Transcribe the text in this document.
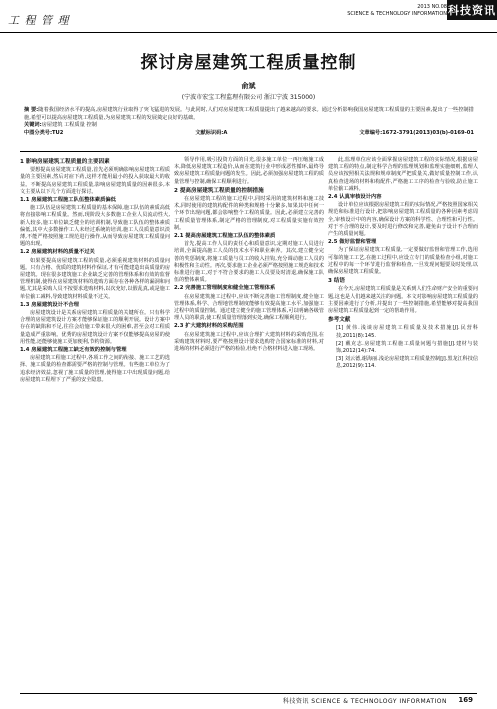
工 程 管 理
2013 NO.08
SCIENCE & TECHNOLOGY INFORMATION 科技资讯
探讨房屋建筑工程质量控制
俞斌
(宁波市宏宝工程监理有限公司 浙江宁波 315000)
摘 要:随着我国经济水平的提高,房屋建筑行业取得了突飞猛进的发展。与此同时,人们对房屋建筑工程质量提出了越来越高的要求。通过分析影响我国房屋建筑工程质量的主要因素,提出了一些控制措施,希望可以提高房屋建筑工程质量,为房屋建筑工程的发展奠定良好的基础。
关键词:房屋建筑 工程质量 控制
中图分类号:TU2	文献标识码:A	文章编号:1672-3791(2013)03(b)-0169-01
1 影响房屋建筑工程质量的主要因素

要想提高房屋建筑工程质量,首先必须明确影响房屋建筑工程质量的主要因素,然后对症下药,这样才能用最小的投入获取最大的收益。不断提高房屋建筑工程质量,影响房屋建筑质量的因素很多,本文主要从以下几个方面进行探讨。

1.1 房屋建筑工程施工队伍整体素质偏低

施工队伍是房屋建筑工程质量的基本保障,施工队伍的素质高低将直接影响工程质量。然而,现阶段大多数施工企业人员流动性大,新人较多,施工单位缺乏健全的培训机制,导致施工队伍的整体素质偏低,其中大多数操作工人未经过系统的培训,施工人员质量意识淡薄,不能严格按照施工规范进行操作,从而导致房屋建筑工程质量问题的出现。

1.2 房屋建筑材料的质量不过关

如果要提高房屋建筑工程的质量,必须重视建筑材料的质量问题。只有合格、优质的建筑材料作保证,才有可能建造出高质量的房屋建筑。现在很多建筑施工企业缺乏完善的管理体系和有效的监督管理机制,使得在房屋建筑材料的选购方面存在各种各样的漏洞和问题,尤其是采购人员不按要求选购材料,以次充好,以假乱真,或是施工单位偷工减料,导致建筑材料质量不过关。

1.3 房屋建筑设计不合理

房屋建筑设计是关系房屋建筑工程质量的关键所在。只有科学合理的房屋建筑设计方案才能够保证施工的顺利开展。设计方案中存在的缺陷和不足,往往会给施工带来很大的困难,甚至会对工程质量造成严重影响。优秀的房屋建筑设计方案不仅能够提高房屋的使用性能,还能够使施工更加便利,节约资源。

1.4 房屋建筑工程施工缺乏有效的控制与管理

房屋建筑工程施工过程中,各项工作之间的衔接、施工工艺的选择、施工质量的检查都需要严格的控制与管理。有些施工单位为了追求经济效益,忽视了施工质量的管理,使得施工中出现质量问题,给房屋建筑工程埋下了严重的安全隐患。

领导作用,吸引投资方面的目光,很多施工单位一再压缩施工成本,降低房屋建筑工程造价,从而在建筑行业中形成恶性循环,最终导致房屋建筑工程质量问题的发生。因此,必须加强房屋建筑工程的质量管理与控制,确保工程顺利进行。

2 提高房屋建筑工程质量的控制措施

在房屋建筑工程的施工过程中,同时采用的建筑材料和施工技术,同时使用的建筑构配件的种类和规格十分繁多,如果其中任何一个环节出现问题,都会影响整个工程的质量。因此,必须建立完善的工程质量管理体系,制定严格的管理制度,对工程质量实施有效控制。

2.1 提高房屋建筑工程施工队伍的整体素质

首先,提高工作人员的责任心和质量意识,定期对施工人员进行培训,全面提高施工人员的技术水平和职业素养。其次,建立健全完善的奖惩制度,将施工质量与员工的收入挂钩,充分调动施工人员的积极性和主动性。再次,要求施工企业必须严格按照施工规范和技术标准进行施工,对于不符合要求的施工人员要及时清退,确保施工队伍的整体素质。

2.2 完善施工管理制度和健全施工管理体系

在房屋建筑施工过程中,应该不断完善施工管理制度,健全施工管理体系,科学、合理地管理制度能够有效提高施工水平,加强施工过程中的质量控制。通过建立健全的施工管理体系,可以明确各级管理人员的职责,使工程质量管理落到实处,确保工程顺利进行。

2.3 扩大建筑材料的采购范围

在房屋建筑施工过程中,应该合理扩大建筑材料的采购范围,在采购建筑材料时,要严格按照设计要求选购符合国家标准的材料,对进场的材料必须进行严格的检验,杜绝不合格材料进入施工现场。

此,监理单位应该全面掌握房屋建筑工程的实际情况,根据房屋建筑工程的特点,制定科学合理的监理规划和监理实施细则,监理人员应该按照相关法规和规章制度严把质量关,做好质量控制工作,认真检查进场的材料和构配件,严格施工工序的检查与验收,防止施工单位偷工减料。

2.4 认真审核设计内容

设计单位应该根据房屋建筑工程的实际情况,严格按照国家相关规范和标准进行设计,把影响房屋建筑工程质量的各种因素考虑周全,审核设计中的内容,确保设计方案的科学性、合理性和可行性。对于不合理的设计,要及时进行修改和完善,避免由于设计不合理而产生的质量问题。

2.5 做好监督和管理

为了保证房屋建筑工程质量,一定要做好监督和管理工作,选用可靠的施工工艺,在施工过程中,应设立专门的质量检查小组,对施工过程中的每一个环节进行监督和检查,一旦发现问题要及时处理,以确保房屋建筑工程质量。

3 结语

在今天,房屋建筑工程质量是关系到人们生命财产安全的重要问题,这也是人们越来越关注的问题。本文对影响房屋建筑工程质量的主要因素进行了分析,并提出了一些控制措施,希望能够对提高我国房屋建筑工程质量起到一定的帮助作用。

参考文献

[1] 黄伟.浅谈房屋建筑工程质量及技术措施[J].民营科技,2011(8):145.

[2] 戴克志.房屋建筑工程施工质量问题与措施[J].建材与装饰,2012(14):74.

[3] 刘云德,谢海丽.浅论房屋建筑工程质量控制[J].黑龙江科技信息,2012(9):114.

科技资讯 SCIENCE & TECHNOLOGY INFORMATION 169
